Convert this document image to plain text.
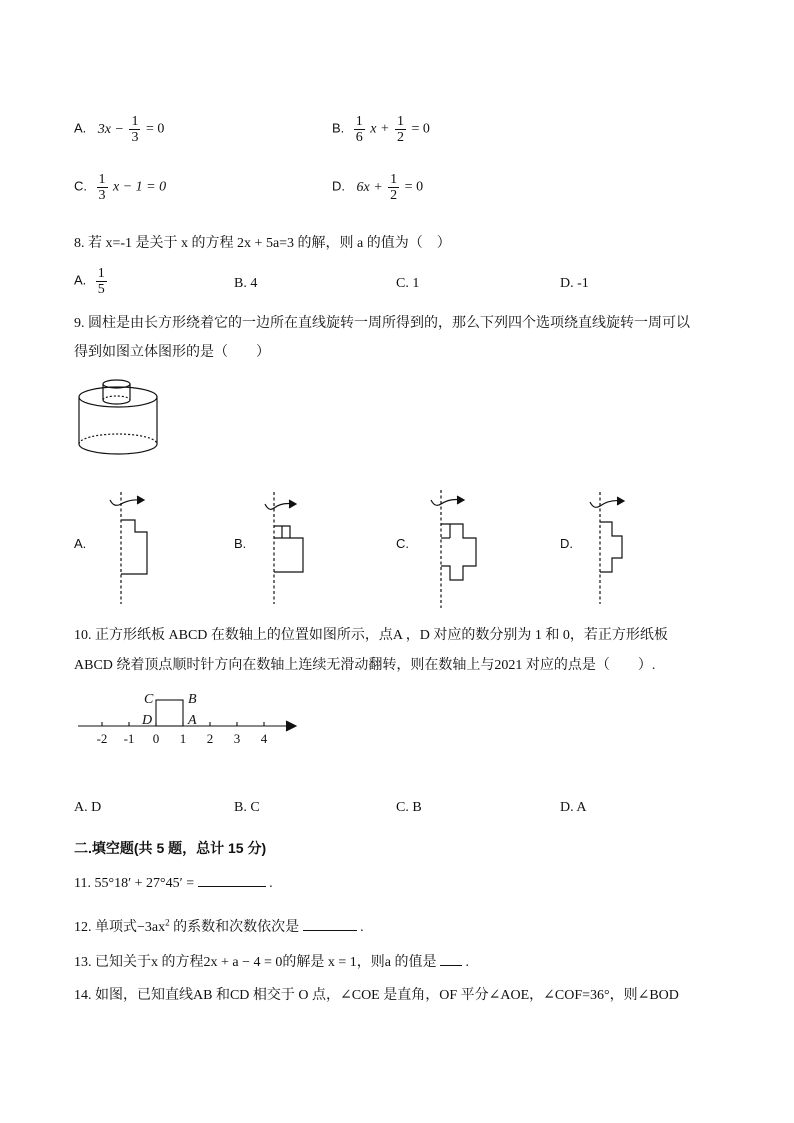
A. $3x - \frac{1}{3} = 0$	B. $\frac{1}{6}$ $x + \frac{1}{2} = 0$
C. $\frac{1}{3}$ x − 1 = 0	D. $6x + \frac{1}{2} = 0$
8. 若 x=-1 是关于 x 的方程 2x + 5a=3 的解，则 a 的值为（　）
A. $\frac{1}{5}$	B. 4	C. 1	D. -1
9. 圆柱是由长方形绕着它的一边所在直线旋转一周所得到的，那么下列四个选项绕直线旋转一周可以
得到如图立体图形的是（　　）
A.	B.	C.	D.
10. 正方形纸板 ABCD 在数轴上的位置如图所示，点A ，D 对应的数分别为 1 和 0，若正方形纸板
ABCD 绕着顶点顺时针方向在数轴上连续无滑动翻转，则在数轴上与2021 对应的点是（　　）.
-2 -1 0 1 2 3 4
C B
D	A
A. D	B. C	C. B	D. A
二.填空题(共 5 题，总计 15 分)
11. 55°18′ + 27°45′ =	.
12. 单项式$-3ax^2$ 的系数和次数依次是	.
13. 已知关于x 的方程2x + a − 4 = 0的解是 x = 1，则a 的值是 .
14. 如图，已知直线AB 和CD 相交于 O 点，∠COE 是直角，OF 平分∠AOE，∠COF=36°，则∠BOD
